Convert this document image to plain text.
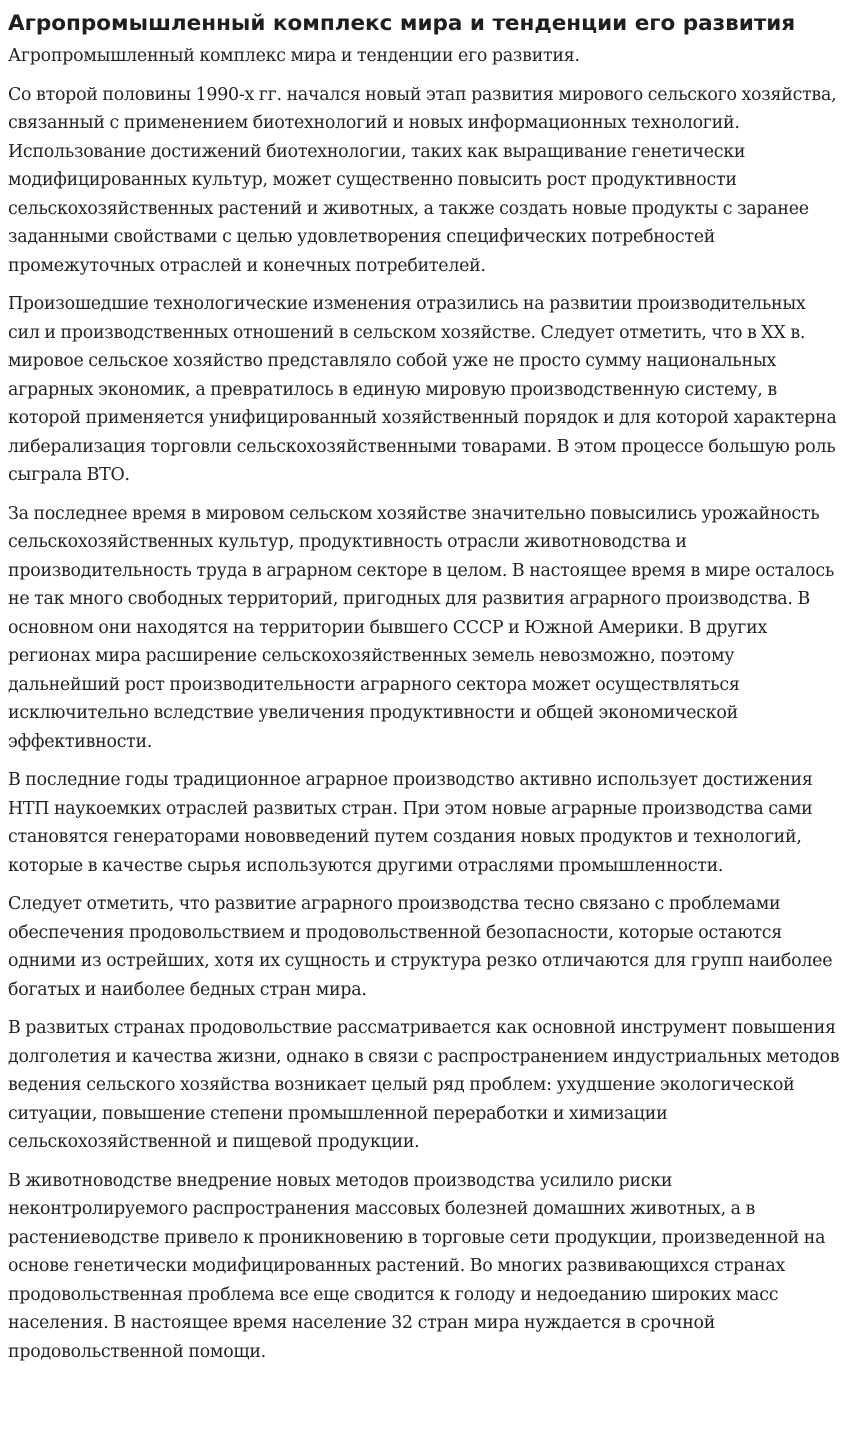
Агропромышленный комплекс мира и тенденции его развития

Агропромышленный комплекс мира и тенденции его развития.

Со второй половины 1990-х гг. начался новый этап развития мирового сельского хозяйства, связанный с применением биотехнологий и новых информационных технологий. Использование достижений биотехнологии, таких как выращивание генетически модифицированных культур, может существенно повысить рост продуктивности сельскохозяйственных растений и животных, а также создать новые продукты с заранее заданными свойствами с целью удовлетворения специфических потребностей промежуточных отраслей и конечных потребителей.

Произошедшие технологические изменения отразились на развитии производительных сил и производственных отношений в сельском хозяйстве. Следует отметить, что в XX в. мировое сельское хозяйство представляло собой уже не просто сумму национальных аграрных экономик, а превратилось в единую мировую производственную систему, в которой применяется унифицированный хозяйственный порядок и для которой характерна либерализация торговли сельскохозяйственными товарами. В этом процессе большую роль сыграла ВТО.

За последнее время в мировом сельском хозяйстве значительно повысились урожайность сельскохозяйственных культур, продуктивность отрасли животноводства и производительность труда в аграрном секторе в целом. В настоящее время в мире осталось не так много свободных территорий, пригодных для развития аграрного производства. В основном они находятся на территории бывшего СССР и Южной Америки. В других регионах мира расширение сельскохозяйственных земель невозможно, поэтому дальнейший рост производительности аграрного сектора может осуществляться исключительно вследствие увеличения продуктивности и общей экономической эффективности.

В последние годы традиционное аграрное производство активно использует достижения НТП наукоемких отраслей развитых стран. При этом новые аграрные производства сами становятся генераторами нововведений путем создания новых продуктов и технологий, которые в качестве сырья используются другими отраслями промышленности.

Следует отметить, что развитие аграрного производства тесно связано с проблемами обеспечения продовольствием и продовольственной безопасности, которые остаются одними из острейших, хотя их сущность и структура резко отличаются для групп наиболее богатых и наиболее бедных стран мира.

В развитых странах продовольствие рассматривается как основной инструмент повышения долголетия и качества жизни, однако в связи с распространением индустриальных методов ведения сельского хозяйства возникает целый ряд проблем: ухудшение экологической ситуации, повышение степени промышленной переработки и химизации сельскохозяйственной и пищевой продукции.

В животноводстве внедрение новых методов производства усилило риски неконтролируемого распространения массовых болезней домашних животных, а в растениеводстве привело к проникновению в торговые сети продукции, произведенной на основе генетически модифицированных растений. Во многих развивающихся странах продовольственная проблема все еще сводится к голоду и недоеданию широких масс населения. В настоящее время население 32 стран мира нуждается в срочной продовольственной помощи.
